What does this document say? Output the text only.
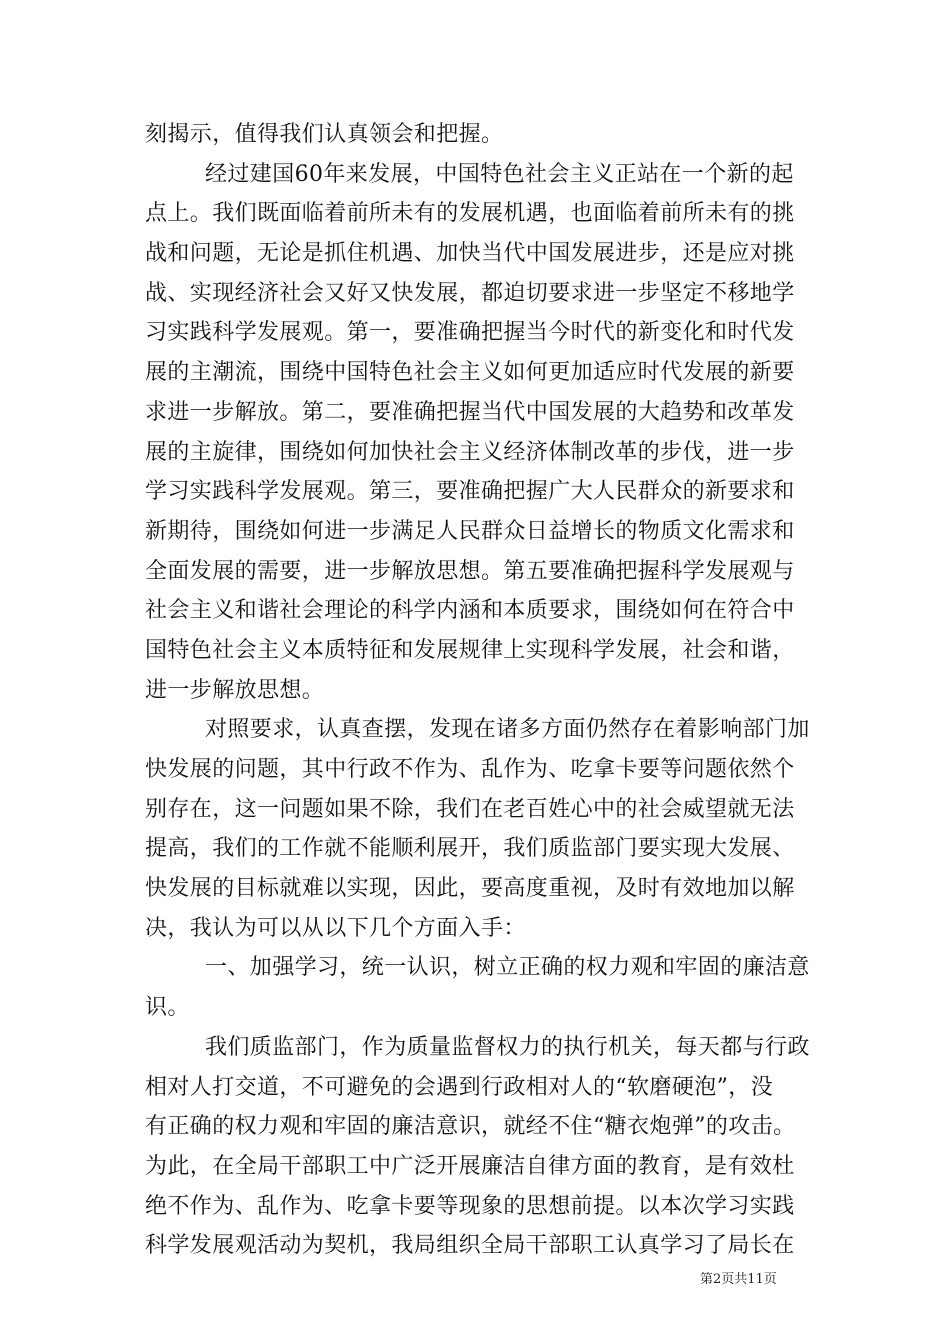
刻揭示，值得我们认真领会和把握。
经过建国60年来发展，中国特色社会主义正站在一个新的起
点上。我们既面临着前所未有的发展机遇，也面临着前所未有的挑
战和问题，无论是抓住机遇、加快当代中国发展进步，还是应对挑
战、实现经济社会又好又快发展，都迫切要求进一步坚定不移地学
习实践科学发展观。第一，要准确把握当今时代的新变化和时代发
展的主潮流，围绕中国特色社会主义如何更加适应时代发展的新要
求进一步解放。第二，要准确把握当代中国发展的大趋势和改革发
展的主旋律，围绕如何加快社会主义经济体制改革的步伐，进一步
学习实践科学发展观。第三，要准确把握广大人民群众的新要求和
新期待，围绕如何进一步满足人民群众日益增长的物质文化需求和
全面发展的需要，进一步解放思想。第五要准确把握科学发展观与
社会主义和谐社会理论的科学内涵和本质要求，围绕如何在符合中
国特色社会主义本质特征和发展规律上实现科学发展，社会和谐，
进一步解放思想。
对照要求，认真查摆，发现在诸多方面仍然存在着影响部门加
快发展的问题，其中行政不作为、乱作为、吃拿卡要等问题依然个
别存在，这一问题如果不除，我们在老百姓心中的社会威望就无法
提高，我们的工作就不能顺利展开，我们质监部门要实现大发展、
快发展的目标就难以实现，因此，要高度重视，及时有效地加以解
决，我认为可以从以下几个方面入手：
一、加强学习，统一认识，树立正确的权力观和牢固的廉洁意
识。
我们质监部门，作为质量监督权力的执行机关，每天都与行政
相对人打交道，不可避免的会遇到行政相对人的“软磨硬泡”，没
有正确的权力观和牢固的廉洁意识，就经不住“糖衣炮弹”的攻击。
为此，在全局干部职工中广泛开展廉洁自律方面的教育，是有效杜
绝不作为、乱作为、吃拿卡要等现象的思想前提。以本次学习实践
科学发展观活动为契机，我局组织全局干部职工认真学习了局长在
第2页共11页
